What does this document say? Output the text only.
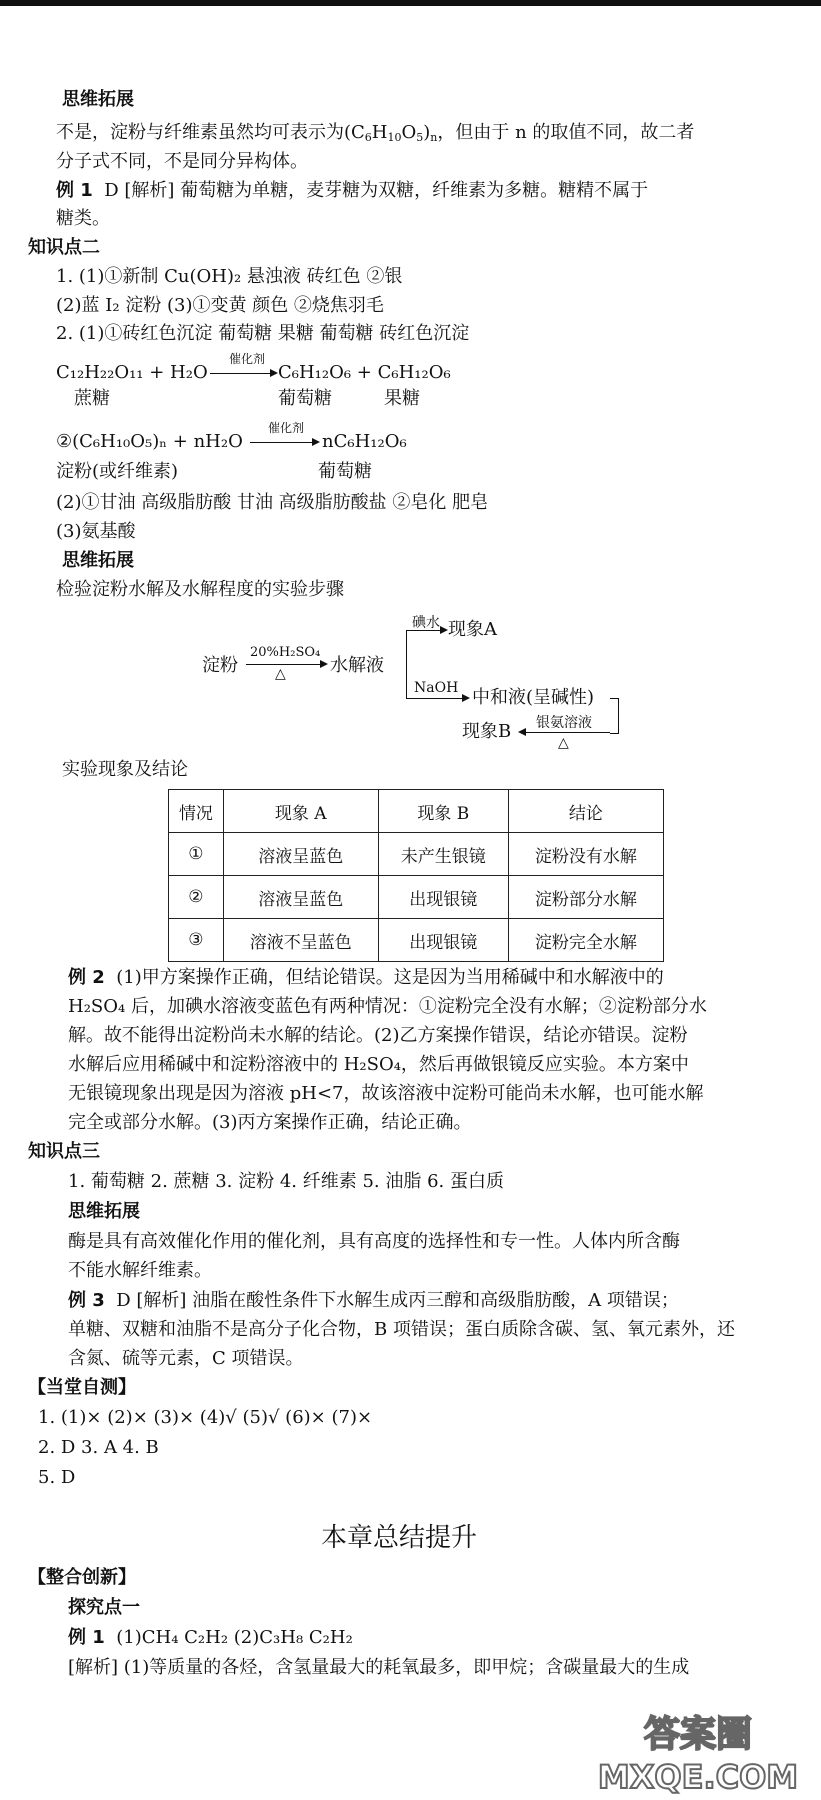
思维拓展
不是，淀粉与纤维素虽然均可表示为$(C_6H_{10}O_5)_n$，但由于 n 的取值不同，故二者
分子式不同，不是同分异构体。
例 1 D [解析] 葡萄糖为单糖，麦芽糖为双糖，纤维素为多糖。糖精不属于
糖类。
知识点二
1. (1)①新制 Cu(OH)₂ 悬浊液 砖红色 ②银
(2)蓝 I₂ 淀粉 (3)①变黄 颜色 ②烧焦羽毛
2. (1)①砖红色沉淀 葡萄糖 果糖 葡萄糖 砖红色沉淀
C₁₂H₂₂O₁₁ + H₂O
催化剂
→ C₆H₁₂O₆ + C₆H₁₂O₆
蔗糖	葡萄糖	果糖
②(C₆H₁₀O₅)ₙ + nH₂O
催化剂
→ nC₆H₁₂O₆
淀粉(或纤维素)	葡萄糖
(2)①甘油 高级脂肪酸 甘油 高级脂肪酸盐 ②皂化 肥皂
(3)氨基酸
思维拓展
检验淀粉水解及水解程度的实验步骤
淀粉
20%H₂SO₄
△ 水解液
碘水 现象A
NaOH 中和液(呈碱性)
银氨溶液
△
现象B
实验现象及结论
情况	现象 A	现象 B	结论
①	溶液呈蓝色	未产生银镜	淀粉没有水解
②	溶液呈蓝色	出现银镜	淀粉部分水解
③	溶液不呈蓝色	出现银镜	淀粉完全水解
例 2 (1)甲方案操作正确，但结论错误。这是因为当用稀碱中和水解液中的
H₂SO₄ 后，加碘水溶液变蓝色有两种情况：①淀粉完全没有水解；②淀粉部分水
解。故不能得出淀粉尚未水解的结论。(2)乙方案操作错误，结论亦错误。淀粉
水解后应用稀碱中和淀粉溶液中的 H₂SO₄，然后再做银镜反应实验。本方案中
无银镜现象出现是因为溶液 pH<7，故该溶液中淀粉可能尚未水解，也可能水解
完全或部分水解。(3)丙方案操作正确，结论正确。
知识点三
1. 葡萄糖 2. 蔗糖 3. 淀粉 4. 纤维素 5. 油脂 6. 蛋白质
思维拓展
酶是具有高效催化作用的催化剂，具有高度的选择性和专一性。人体内所含酶
不能水解纤维素。
例 3 D [解析] 油脂在酸性条件下水解生成丙三醇和高级脂肪酸，A 项错误；
单糖、双糖和油脂不是高分子化合物，B 项错误；蛋白质除含碳、氢、氧元素外，还
含氮、硫等元素，C 项错误。
【当堂自测】
1. (1)× (2)× (3)× (4)√ (5)√ (6)× (7)×
2. D 3. A 4. B
5. D
本章总结提升
【整合创新】
探究点一
例 1 (1)CH₄ C₂H₂ (2)C₃H₈ C₂H₂
[解析] (1)等质量的各烃，含氢量最大的耗氧最多，即甲烷；含碳量最大的生成
答案圈
MXQE.COM
